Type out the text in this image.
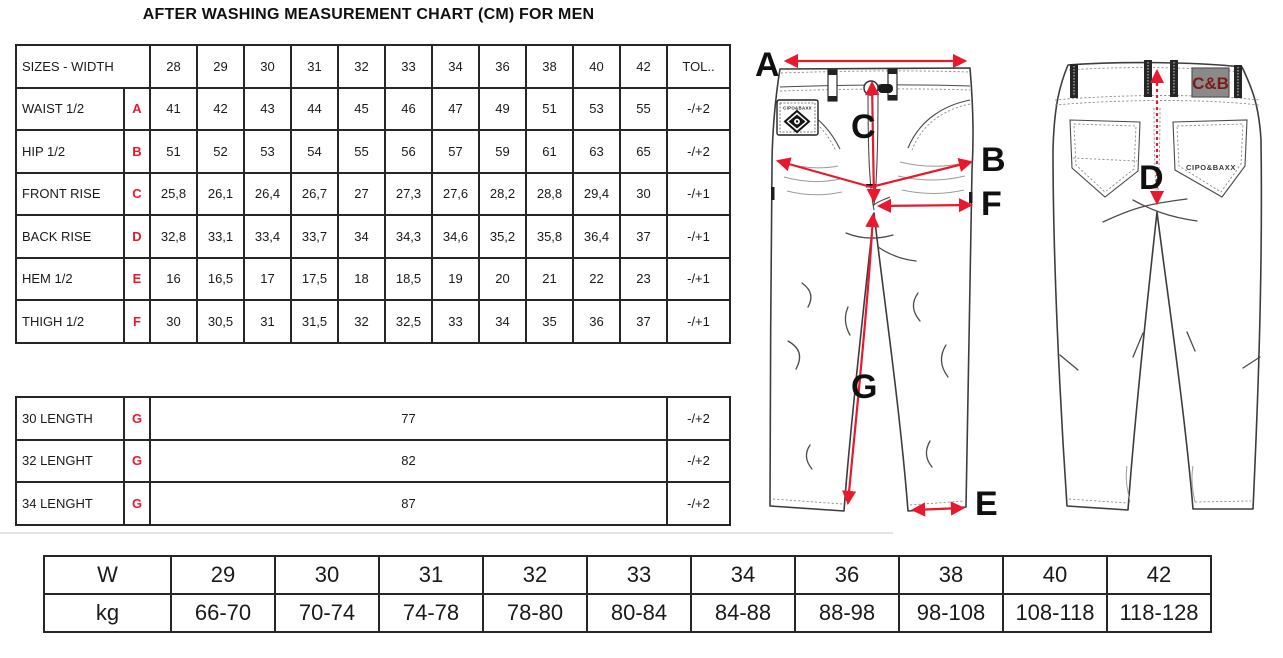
AFTER WASHING MEASUREMENT CHART (CM) FOR MEN
SIZES - WIDTH		28	29	30	31	32	33	34	36	38	40	42	TOL..
WAIST 1/2	A	41	42	43	44	45	46	47	49	51	53	55	-/+2
HIP 1/2	B	51	52	53	54	55	56	57	59	61	63	65	-/+2
FRONT RISE	C	25,8	26,1	26,4	26,7	27	27,3	27,6	28,2	28,8	29,4	30	-/+1
BACK RISE	D	32,8	33,1	33,4	33,7	34	34,3	34,6	35,2	35,8	36,4	37	-/+1
HEM 1/2	E	16	16,5	17	17,5	18	18,5	19	20	21	22	23	-/+1
THIGH 1/2	F	30	30,5	31	31,5	32	32,5	33	34	35	36	37	-/+1
30 LENGTH	G	77	-/+2
32 LENGHT	G	82	-/+2
34 LENGHT	G	87	-/+2
W	29	30	31	32	33	34	36	38	40	42
kg	66-70	70-74	74-78	78-80	80-84	84-88	88-98	98-108	108-118	118-128
CIPO&BAXX
A
C
B
F
G
E
C&B
CIPO&BAXX
D
